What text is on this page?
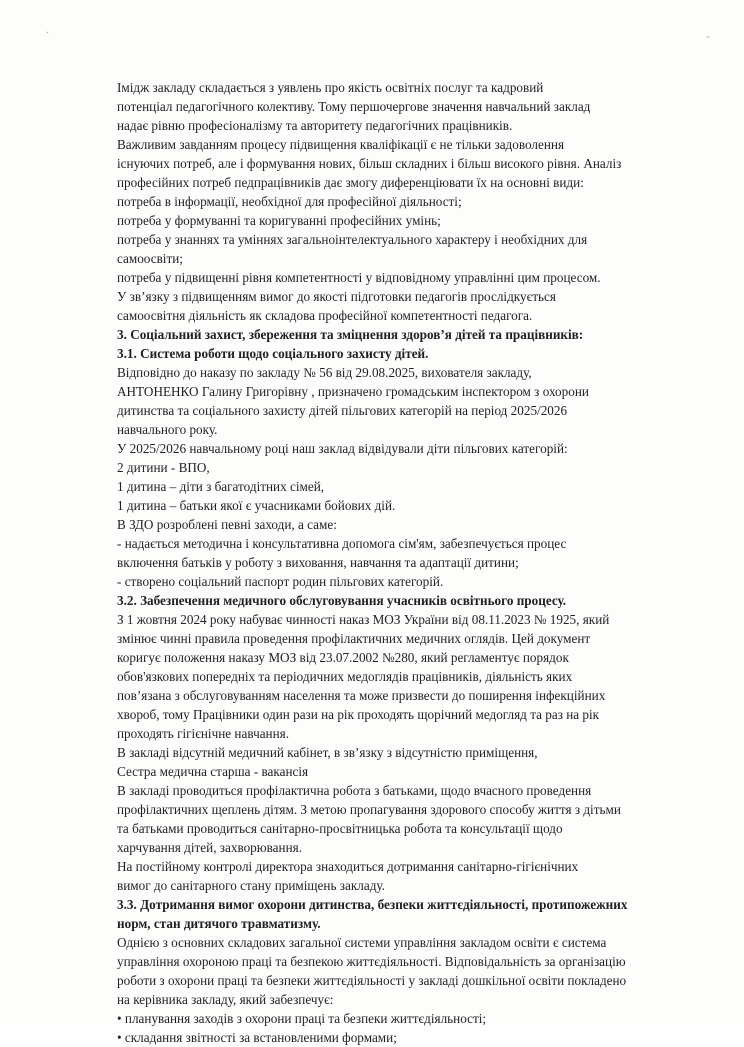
·	-
Імідж закладу складається з уявлень про якість освітніх послуг та кадровий
потенціал педагогічного колективу. Тому першочергове значення навчальний заклад
надає рівню професіоналізму та авторитету педагогічних працівників.
Важливим завданням процесу підвищення кваліфікації є не тільки задоволення
існуючих потреб, але і формування нових, більш складних і більш високого рівня. Аналіз
професійних потреб педпрацівників дає змогу диференціювати їх на основні види:
потреба в інформації, необхідної для професійної діяльності;
потреба у формуванні та коригуванні професійних умінь;
потреба у знаннях та уміннях загальноінтелектуального характеру і необхідних для
самоосвіти;
потреба у підвищенні рівня компетентності у відповідному управлінні цим процесом.
У зв’язку з підвищенням вимог до якості підготовки педагогів прослідкується
самоосвітня діяльність як складова професійної компетентності педагога.
3. Соціальний захист, збереження та зміцнення здоров’я дітей та працівників:
3.1. Система роботи щодо соціального захисту дітей.
Відповідно до наказу по закладу № 56 від 29.08.2025, вихователя закладу,
АНТОНЕНКО Галину Григорівну , призначено громадським інспектором з охорони
дитинства та соціального захисту дітей пільгових категорій на період 2025/2026
навчального року.
У 2025/2026 навчальному році наш заклад відвідували діти пільгових категорій:
2 дитини - ВПО,
1 дитина – діти з багатодітних сімей,
1 дитина – батьки якої є учасниками бойових дій.
В ЗДО розроблені певні заходи, а саме:
- надається методична і консультативна допомога сім'ям, забезпечується процес
включення батьків у роботу з виховання, навчання та адаптації дитини;
- створено соціальний паспорт родин пільгових категорій.
3.2. Забезпечення медичного обслуговування учасників освітнього процесу.
З 1 жовтня 2024 року набуває чинності наказ МОЗ України від 08.11.2023 № 1925, який
змінює чинні правила проведення профілактичних медичних оглядів. Цей документ
коригує положення наказу МОЗ від 23.07.2002 №280, який регламентує порядок
обов'язкових попередніх та періодичних медоглядів працівників, діяльність яких
пов’язана з обслуговуванням населення та може призвести до поширення інфекційних
хвороб, тому Працівники один рази на рік проходять щорічний медогляд та раз на рік
проходять гігієнічне навчання.
В закладі відсутній медичний кабінет, в зв’язку з відсутністю приміщення,
Сестра медична старша - вакансія
В закладі проводиться профілактична робота з батьками, щодо вчасного проведення
профілактичних щеплень дітям. З метою пропагування здорового способу життя з дітьми
та батьками проводиться санітарно-просвітницька робота та консультації щодо
харчування дітей, захворювання.
На постійному контролі директора знаходиться дотримання санітарно-гігієнічних
вимог до санітарного стану приміщень закладу.
3.3. Дотримання вимог охорони дитинства, безпеки життєдіяльності, протипожежних
норм, стан дитячого травматизму.
Однією з основних складових загальної системи управління закладом освіти є система
управління охороною праці та безпекою життєдіяльності. Відповідальність за організацію
роботи з охорони праці та безпеки життєдіяльності у закладі дошкільної освіти покладено
на керівника закладу, який забезпечує:
• планування заходів з охорони праці та безпеки життєдіяльності;
• складання звітності за встановленими формами;
